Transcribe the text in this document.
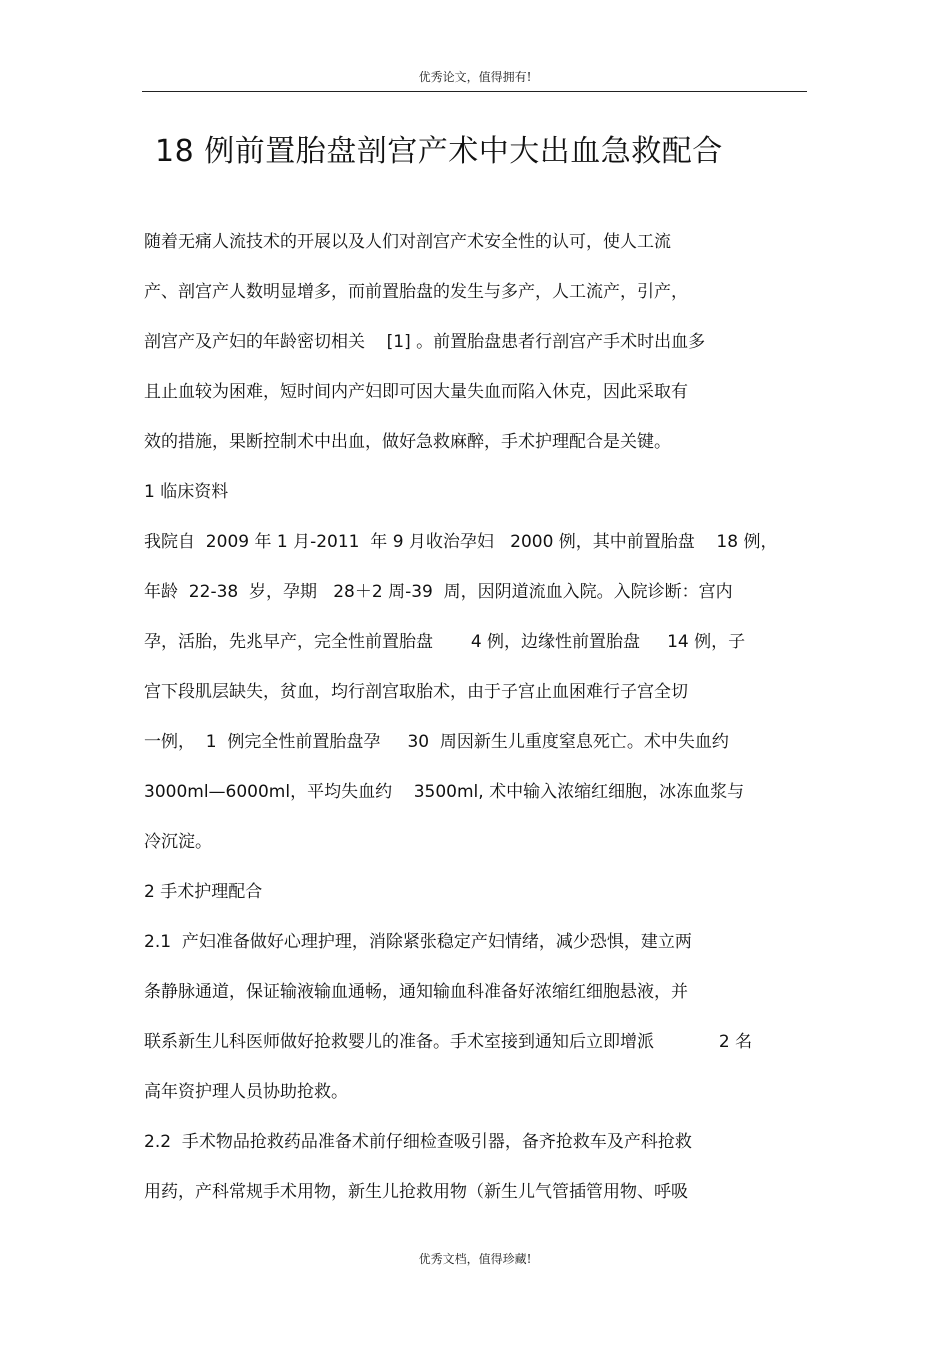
优秀论文，值得拥有!
18 例前置胎盘剖宫产术中大出血急救配合
随着无痛人流技术的开展以及人们对剖宫产术安全性的认可，使人工流
产、剖宫产人数明显增多，而前置胎盘的发生与多产，人工流产，引产，
剖宫产及产妇的年龄密切相关    [1] 。前置胎盘患者行剖宫产手术时出血多
且止血较为困难，短时间内产妇即可因大量失血而陷入休克，因此采取有
效的措施，果断控制术中出血，做好急救麻醉，手术护理配合是关键。
1 临床资料
我院自  2009 年 1 月-2011  年 9 月收治孕妇   2000 例，其中前置胎盘    18 例，
年龄  22-38  岁，孕期   28＋2 周-39  周，因阴道流血入院。入院诊断：宫内
孕，活胎，先兆早产，完全性前置胎盘       4 例，边缘性前置胎盘     14 例，子
宫下段肌层缺失，贫血，均行剖宫取胎术，由于子宫止血困难行子宫全切
一例，  1  例完全性前置胎盘孕     30  周因新生儿重度窒息死亡。术中失血约
3000ml—6000ml，平均失血约    3500ml, 术中输入浓缩红细胞，冰冻血浆与
冷沉淀。
2 手术护理配合
2.1  产妇准备做好心理护理，消除紧张稳定产妇情绪，减少恐惧，建立两
条静脉通道，保证输液输血通畅，通知输血科准备好浓缩红细胞悬液，并
联系新生儿科医师做好抢救婴儿的准备。手术室接到通知后立即增派            2 名
高年资护理人员协助抢救。
2.2  手术物品抢救药品准备术前仔细检查吸引器，备齐抢救车及产科抢救
用药，产科常规手术用物，新生儿抢救用物（新生儿气管插管用物、呼吸
优秀文档，值得珍藏!
